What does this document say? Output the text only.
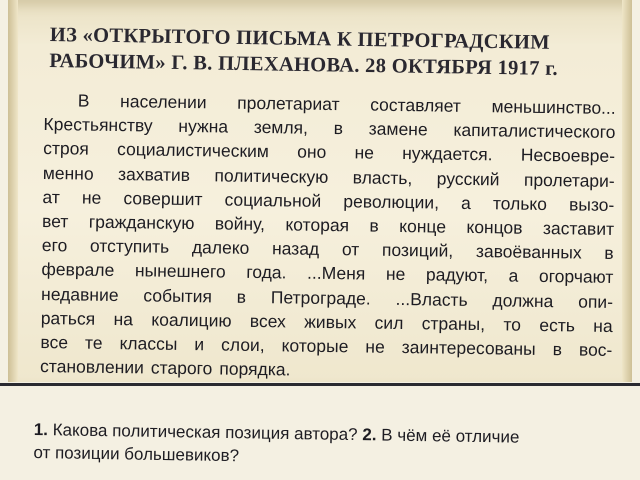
ИЗ «ОТКРЫТОГО ПИСЬМА К ПЕТРОГРАДСКИМ
РАБОЧИМ» Г. В. ПЛЕХАНОВА. 28 ОКТЯБРЯ 1917 г.
В населении пролетариат составляет меньшинство...
Крестьянству нужна земля, в замене капиталистического
строя социалистическим оно не нуждается. Несвоевре-
менно захватив политическую власть, русский пролетари-
ат не совершит социальной революции, а только вызо-
вет гражданскую войну, которая в конце концов заставит
его отступить далеко назад от позиций, завоёванных в
феврале нынешнего года. ...Меня не радуют, а огорчают
недавние события в Петрограде. ...Власть должна опи-
раться на коалицию всех живых сил страны, то есть на
все те классы и слои, которые не заинтересованы в вос-
становлении старого порядка.
1. Какова политическая позиция автора? 2. В чём её отличие
от позиции большевиков?
